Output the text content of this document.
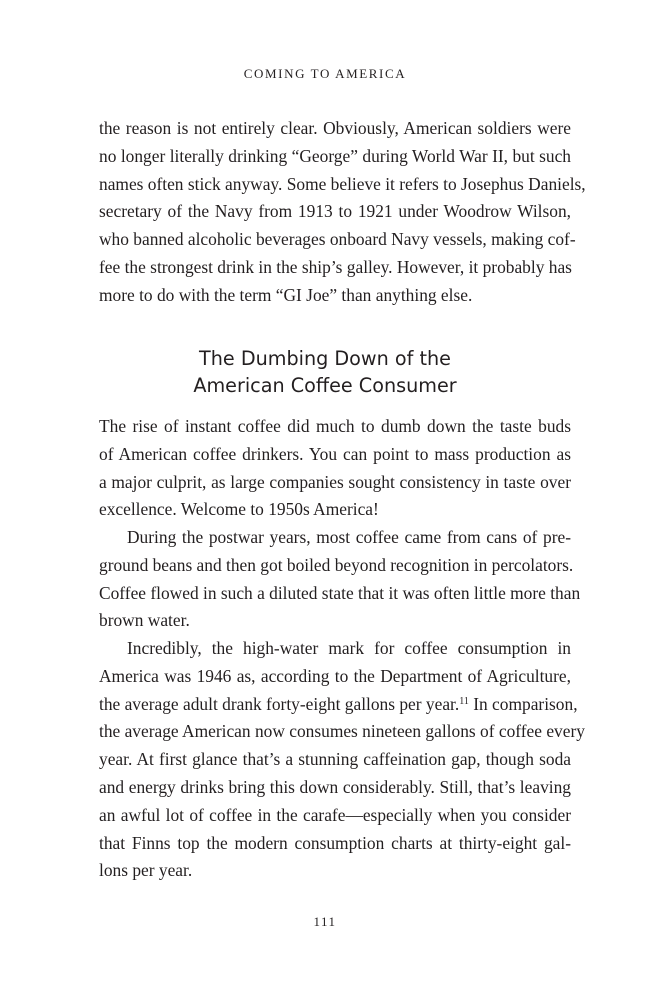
COMING TO AMERICA
the reason is not entirely clear. Obviously, American soldiers were
no longer literally drinking “George” during World War II, but such
names often stick anyway. Some believe it refers to Josephus Daniels,
secretary of the Navy from 1913 to 1921 under Woodrow Wilson,
who banned alcoholic beverages onboard Navy vessels, making cof-
fee the strongest drink in the ship’s galley. However, it probably has
more to do with the term “GI Joe” than anything else.
The Dumbing Down of the
American Coffee Consumer
The rise of instant coffee did much to dumb down the taste buds
of American coffee drinkers. You can point to mass production as
a major culprit, as large companies sought consistency in taste over
excellence. Welcome to 1950s America!
During the postwar years, most coffee came from cans of pre-
ground beans and then got boiled beyond recognition in percolators.
Coffee flowed in such a diluted state that it was often little more than
brown water.
Incredibly, the high-water mark for coffee consumption in
America was 1946 as, according to the Department of Agriculture,
the average adult drank forty-eight gallons per year.$^{11}$ In comparison,
the average American now consumes nineteen gallons of coffee every
year. At first glance that’s a stunning caffeination gap, though soda
and energy drinks bring this down considerably. Still, that’s leaving
an awful lot of coffee in the carafe—especially when you consider
that Finns top the modern consumption charts at thirty-eight gal-
lons per year.
111
